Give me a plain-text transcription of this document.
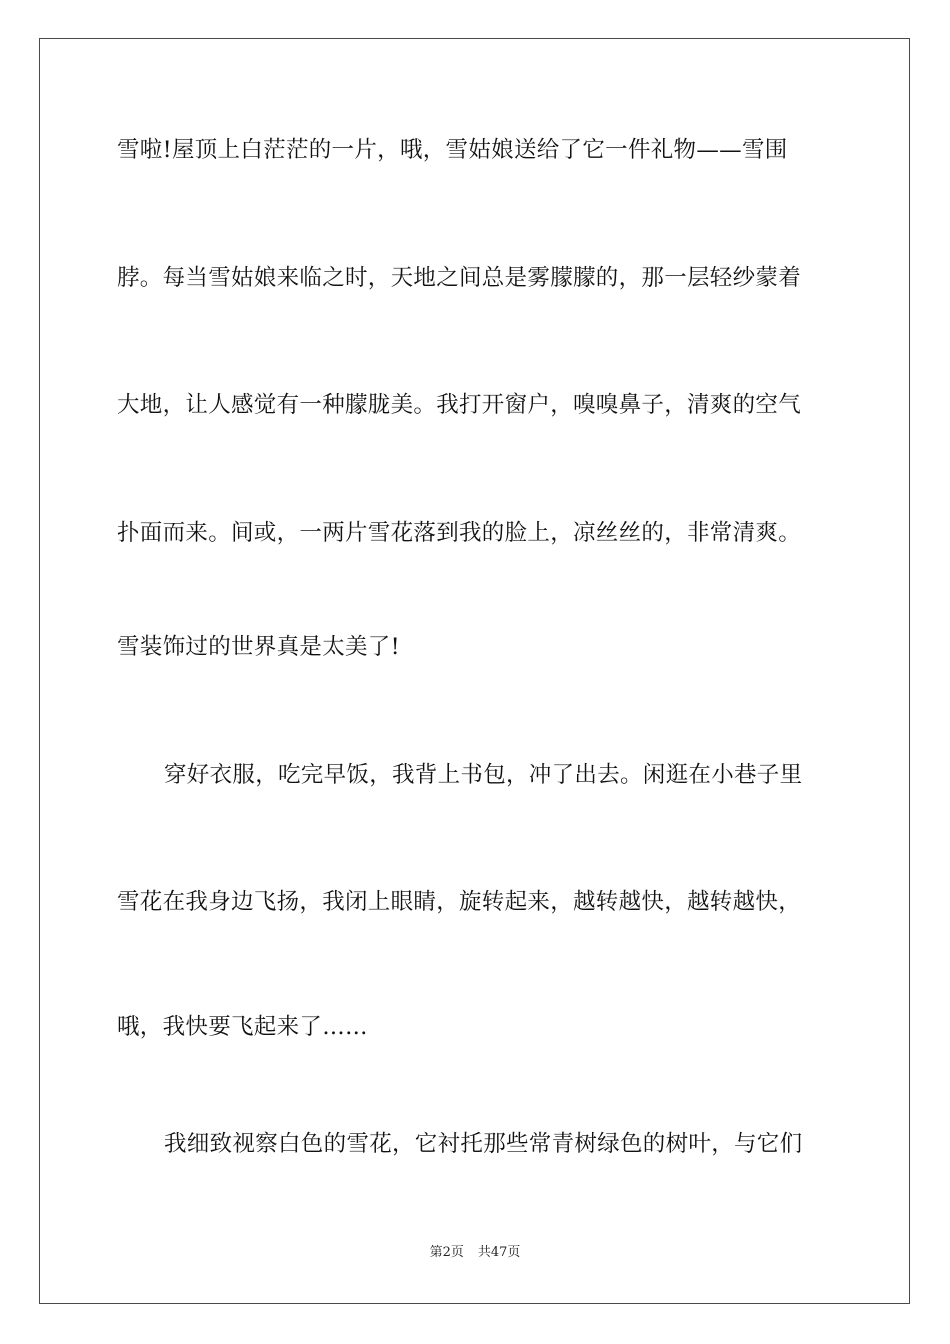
雪啦!屋顶上白茫茫的一片，哦，雪姑娘送给了它一件礼物——雪围
脖。每当雪姑娘来临之时，天地之间总是雾朦朦的，那一层轻纱蒙着
大地，让人感觉有一种朦胧美。我打开窗户，嗅嗅鼻子，清爽的空气
扑面而来。间或，一两片雪花落到我的脸上，凉丝丝的，非常清爽。
雪装饰过的世界真是太美了!
穿好衣服，吃完早饭，我背上书包，冲了出去。闲逛在小巷子里
雪花在我身边飞扬，我闭上眼睛，旋转起来，越转越快，越转越快，
哦，我快要飞起来了……
我细致视察白色的雪花，它衬托那些常青树绿色的树叶，与它们
第2页 共47页
